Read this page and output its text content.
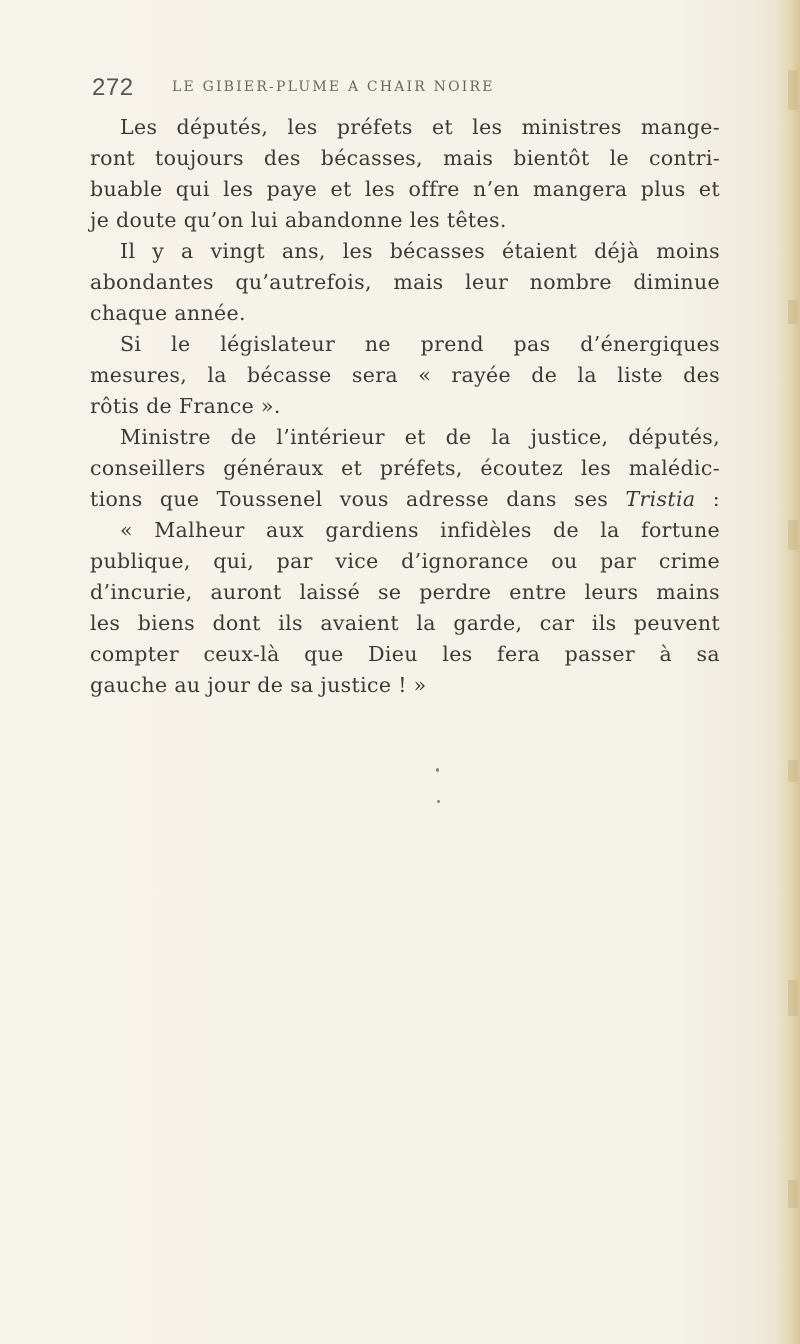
272	LE GIBIER-PLUME A CHAIR NOIRE
Les députés, les préfets et les ministres mange-
ront toujours des bécasses, mais bientôt le contri-
buable qui les paye et les offre n’en mangera plus et
je doute qu’on lui abandonne les têtes.
Il y a vingt ans, les bécasses étaient déjà moins
abondantes qu’autrefois, mais leur nombre diminue
chaque année.
Si le législateur ne prend pas d’énergiques
mesures, la bécasse sera « rayée de la liste des
rôtis de France ».
Ministre de l’intérieur et de la justice, députés,
conseillers généraux et préfets, écoutez les malédic-
tions que Toussenel vous adresse dans ses Tristia :
« Malheur aux gardiens infidèles de la fortune
publique, qui, par vice d’ignorance ou par crime
d’incurie, auront laissé se perdre entre leurs mains
les biens dont ils avaient la garde, car ils peuvent
compter ceux-là que Dieu les fera passer à sa
gauche au jour de sa justice ! »
